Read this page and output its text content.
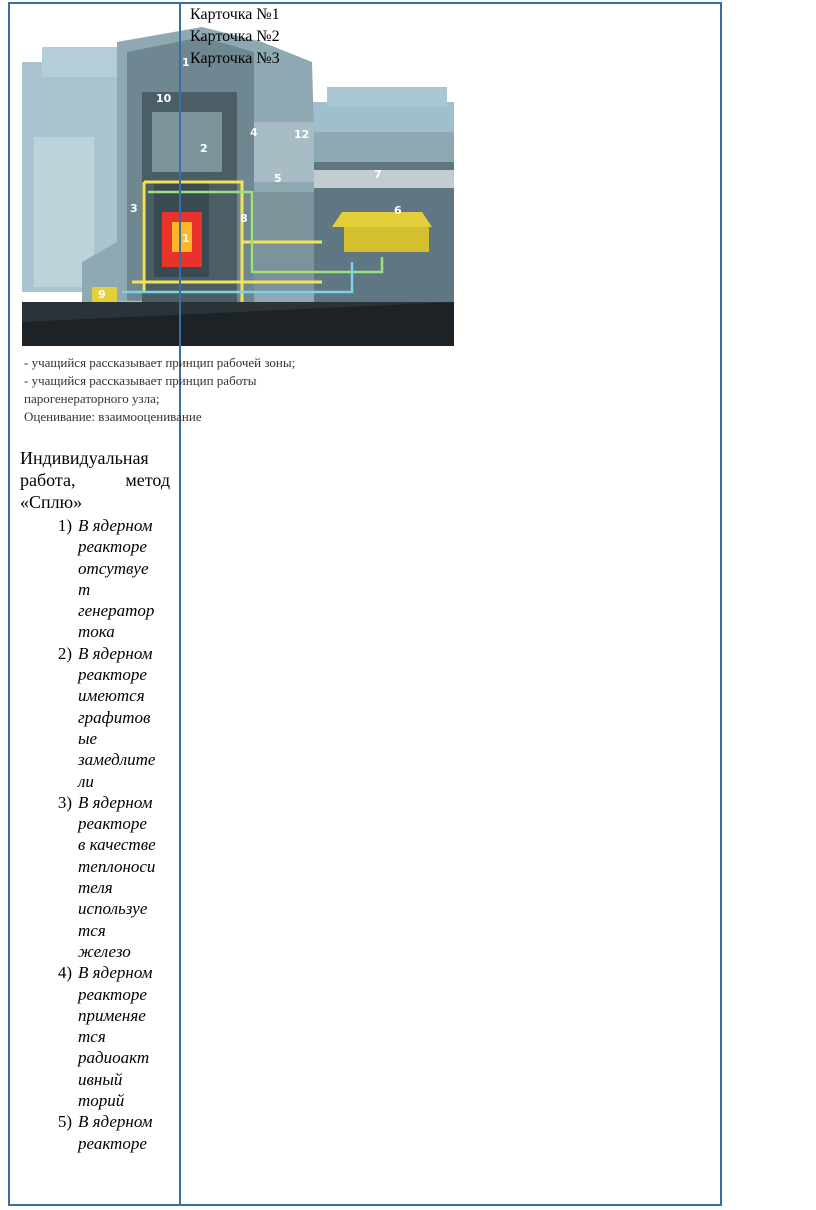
1
10
2
3
4	12
5	7
6
8
1
9
Карточка №1
Карточка №2
Карточка №3
- учащийся рассказывает принцип рабочей зоны;
- учащийся рассказывает принцип работы
парогенераторного узла;
Оценивание: взаимооценивание
Индивидуальная
работа,	метод
«Сплю»
1) В ядерном
реакторе
отсутвуе
т
генератор
тока
2) В ядерном
реакторе
имеются
графитов
ые
замедлите
ли
3) В ядерном
реакторе
в качестве
теплоноси
теля
используе
тся
железо
4) В ядерном
реакторе
применяе
тся
радиоакт
ивный
торий
5) В ядерном
реакторе
